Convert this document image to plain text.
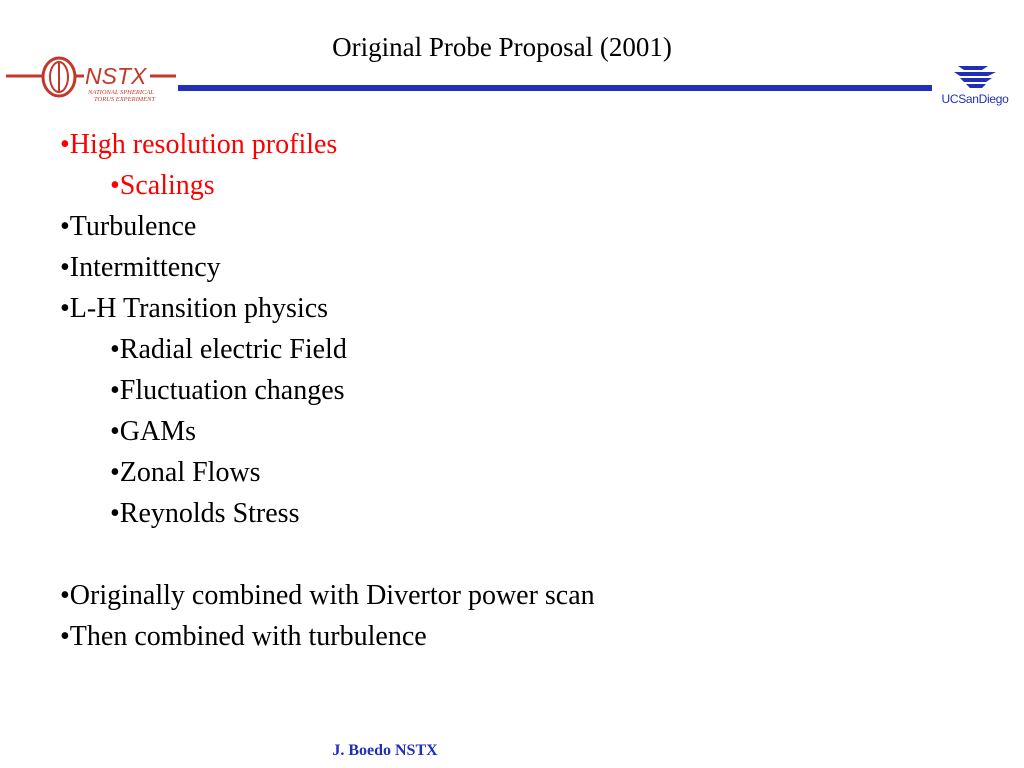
NSTX
NATIONAL SPHERICAL
TORUS EXPERIMENT
Original Probe Proposal (2001)
UCSanDiego
•High resolution profiles
•Scalings
•Turbulence
•Intermittency
•L-H Transition physics
•Radial electric Field
•Fluctuation changes
•GAMs
•Zonal Flows
•Reynolds Stress
•Originally combined with Divertor power scan
•Then combined with turbulence
J. Boedo NSTX
